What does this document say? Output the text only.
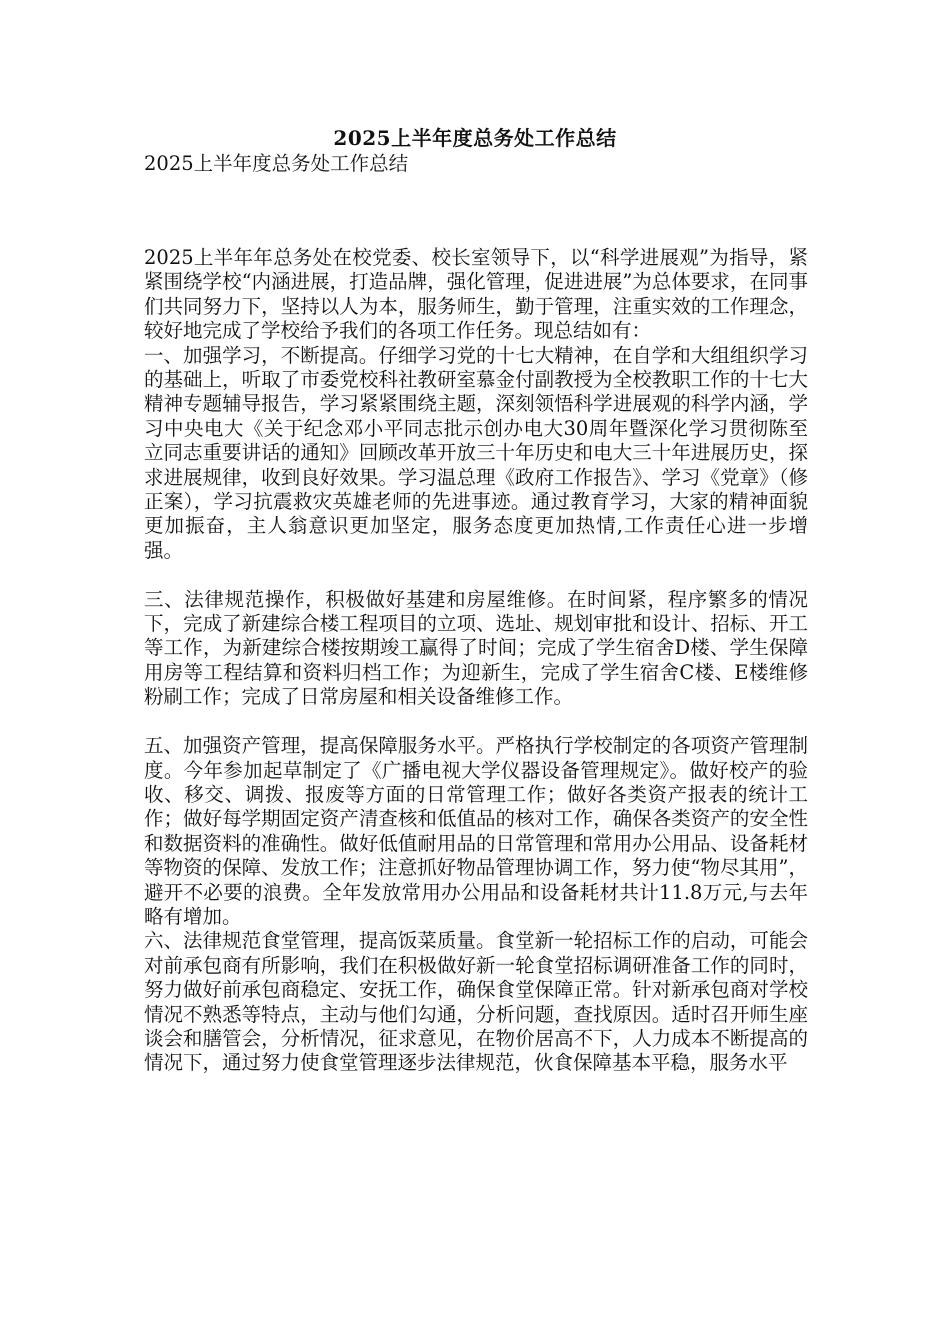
2025上半年度总务处工作总结
2025上半年度总务处工作总结

2025上半年年总务处在校党委、校长室领导下，以“科学进展观”为指导，紧紧围绕学校“内涵进展，打造品牌，强化管理，促进进展”为总体要求，在同事们共同努力下，坚持以人为本，服务师生，勤于管理，注重实效的工作理念，较好地完成了学校给予我们的各项工作任务。现总结如有：

一、加强学习，不断提高。仔细学习党的十七大精神，在自学和大组组织学习的基础上，听取了市委党校科社教研室慕金付副教授为全校教职工作的十七大精神专题辅导报告，学习紧紧围绕主题，深刻领悟科学进展观的科学内涵，学习中央电大《关于纪念邓小平同志批示创办电大30周年暨深化学习贯彻陈至立同志重要讲话的通知》回顾改革开放三十年历史和电大三十年进展历史，探求进展规律，收到良好效果。学习温总理《政府工作报告》、学习《党章》（修正案），学习抗震救灾英雄老师的先进事迹。通过教育学习，大家的精神面貌更加振奋，主人翁意识更加坚定，服务态度更加热情,工作责任心进一步增强。

三、法律规范操作，积极做好基建和房屋维修。在时间紧，程序繁多的情况下，完成了新建综合楼工程项目的立项、选址、规划审批和设计、招标、开工等工作，为新建综合楼按期竣工赢得了时间；完成了学生宿舍D楼、学生保障用房等工程结算和资料归档工作；为迎新生，完成了学生宿舍C楼、E楼维修粉刷工作；完成了日常房屋和相关设备维修工作。

五、加强资产管理，提高保障服务水平。严格执行学校制定的各项资产管理制度。今年参加起草制定了《广播电视大学仪器设备管理规定》。做好校产的验收、移交、调拨、报废等方面的日常管理工作；做好各类资产报表的统计工作；做好每学期固定资产清查核和低值品的核对工作，确保各类资产的安全性和数据资料的准确性。做好低值耐用品的日常管理和常用办公用品、设备耗材等物资的保障、发放工作；注意抓好物品管理协调工作，努力使“物尽其用”，避开不必要的浪费。全年发放常用办公用品和设备耗材共计11.8万元,与去年略有增加。

六、法律规范食堂管理，提高饭菜质量。食堂新一轮招标工作的启动，可能会对前承包商有所影响，我们在积极做好新一轮食堂招标调研准备工作的同时，努力做好前承包商稳定、安抚工作，确保食堂保障正常。针对新承包商对学校情况不熟悉等特点，主动与他们勾通，分析问题，查找原因。适时召开师生座谈会和膳管会，分析情况，征求意见，在物价居高不下，人力成本不断提高的情况下，通过努力使食堂管理逐步法律规范，伙食保障基本平稳，服务水平
